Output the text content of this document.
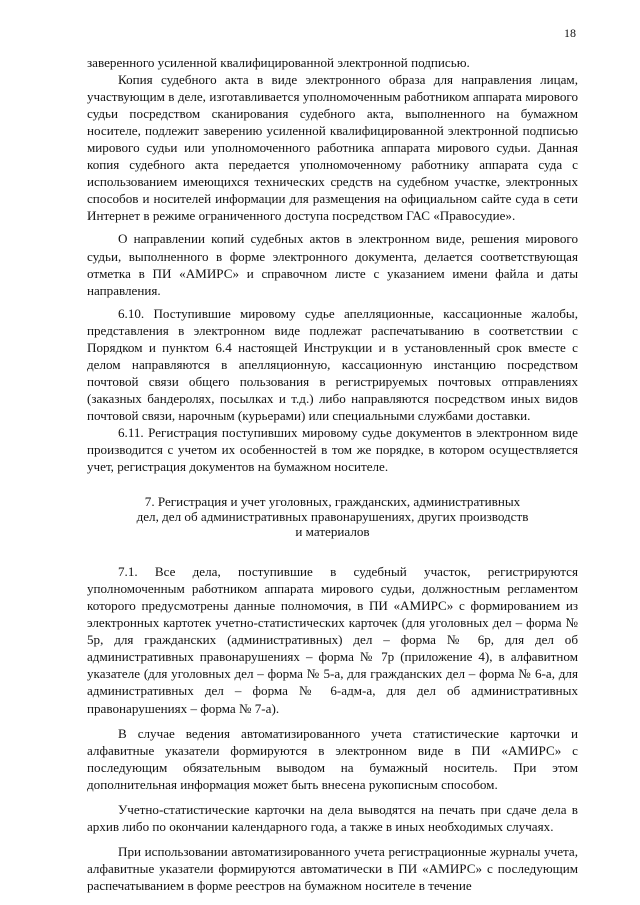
18

заверенного усиленной квалифицированной электронной подписью.

Копия судебного акта в виде электронного образа для направления лицам, участвующим в деле, изготавливается уполномоченным работником аппарата мирового судьи посредством сканирования судебного акта, выполненного на бумажном носителе, подлежит заверению усиленной квалифицированной электронной подписью мирового судьи или уполномоченного работника аппарата мирового судьи. Данная копия судебного акта передается уполномоченному работнику аппарата суда с использованием имеющихся технических средств на судебном участке, электронных способов и носителей информации для размещения на официальном сайте суда в сети Интернет в режиме ограниченного доступа посредством ГАС «Правосудие».

О направлении копий судебных актов в электронном виде, решения мирового судьи, выполненного в форме электронного документа, делается соответствующая отметка в ПИ «АМИРС» и справочном листе с указанием имени файла и даты направления.

6.10. Поступившие мировому судье апелляционные, кассационные жалобы, представления в электронном виде подлежат распечатыванию в соответствии с Порядком и пунктом 6.4 настоящей Инструкции и в установленный срок вместе с делом направляются в апелляционную, кассационную инстанцию посредством почтовой связи общего пользования в регистрируемых почтовых отправлениях (заказных бандеролях, посылках и т.д.) либо направляются посредством иных видов почтовой связи, нарочным (курьерами) или специальными службами доставки.

6.11. Регистрация поступивших мировому судье документов в электронном виде производится с учетом их особенностей в том же порядке, в котором осуществляется учет, регистрация документов на бумажном носителе.

7. Регистрация и учет уголовных, гражданских, административных
дел, дел об административных правонарушениях, других производств
и материалов

7.1. Все дела, поступившие в судебный участок, регистрируются уполномоченным работником аппарата мирового судьи, должностным регламентом которого предусмотрены данные полномочия, в ПИ «АМИРС» с формированием из электронных картотек учетно-статистических карточек (для уголовных дел – форма № 5р, для гражданских (административных) дел – форма № 6р, для дел об административных правонарушениях – форма № 7р (приложение 4), в алфавитном указателе (для уголовных дел – форма № 5-а, для гражданских дел – форма № 6-а, для административных дел – форма № 6-адм-а, для дел об административных правонарушениях – форма № 7-а).

В случае ведения автоматизированного учета статистические карточки и алфавитные указатели формируются в электронном виде в ПИ «АМИРС» с последующим обязательным выводом на бумажный носитель. При этом дополнительная информация может быть внесена рукописным способом.

Учетно-статистические карточки на дела выводятся на печать при сдаче дела в архив либо по окончании календарного года, а также в иных необходимых случаях.

При использовании автоматизированного учета регистрационные журналы учета, алфавитные указатели формируются автоматически в ПИ «АМИРС» с последующим распечатыванием в форме реестров на бумажном носителе в течение
